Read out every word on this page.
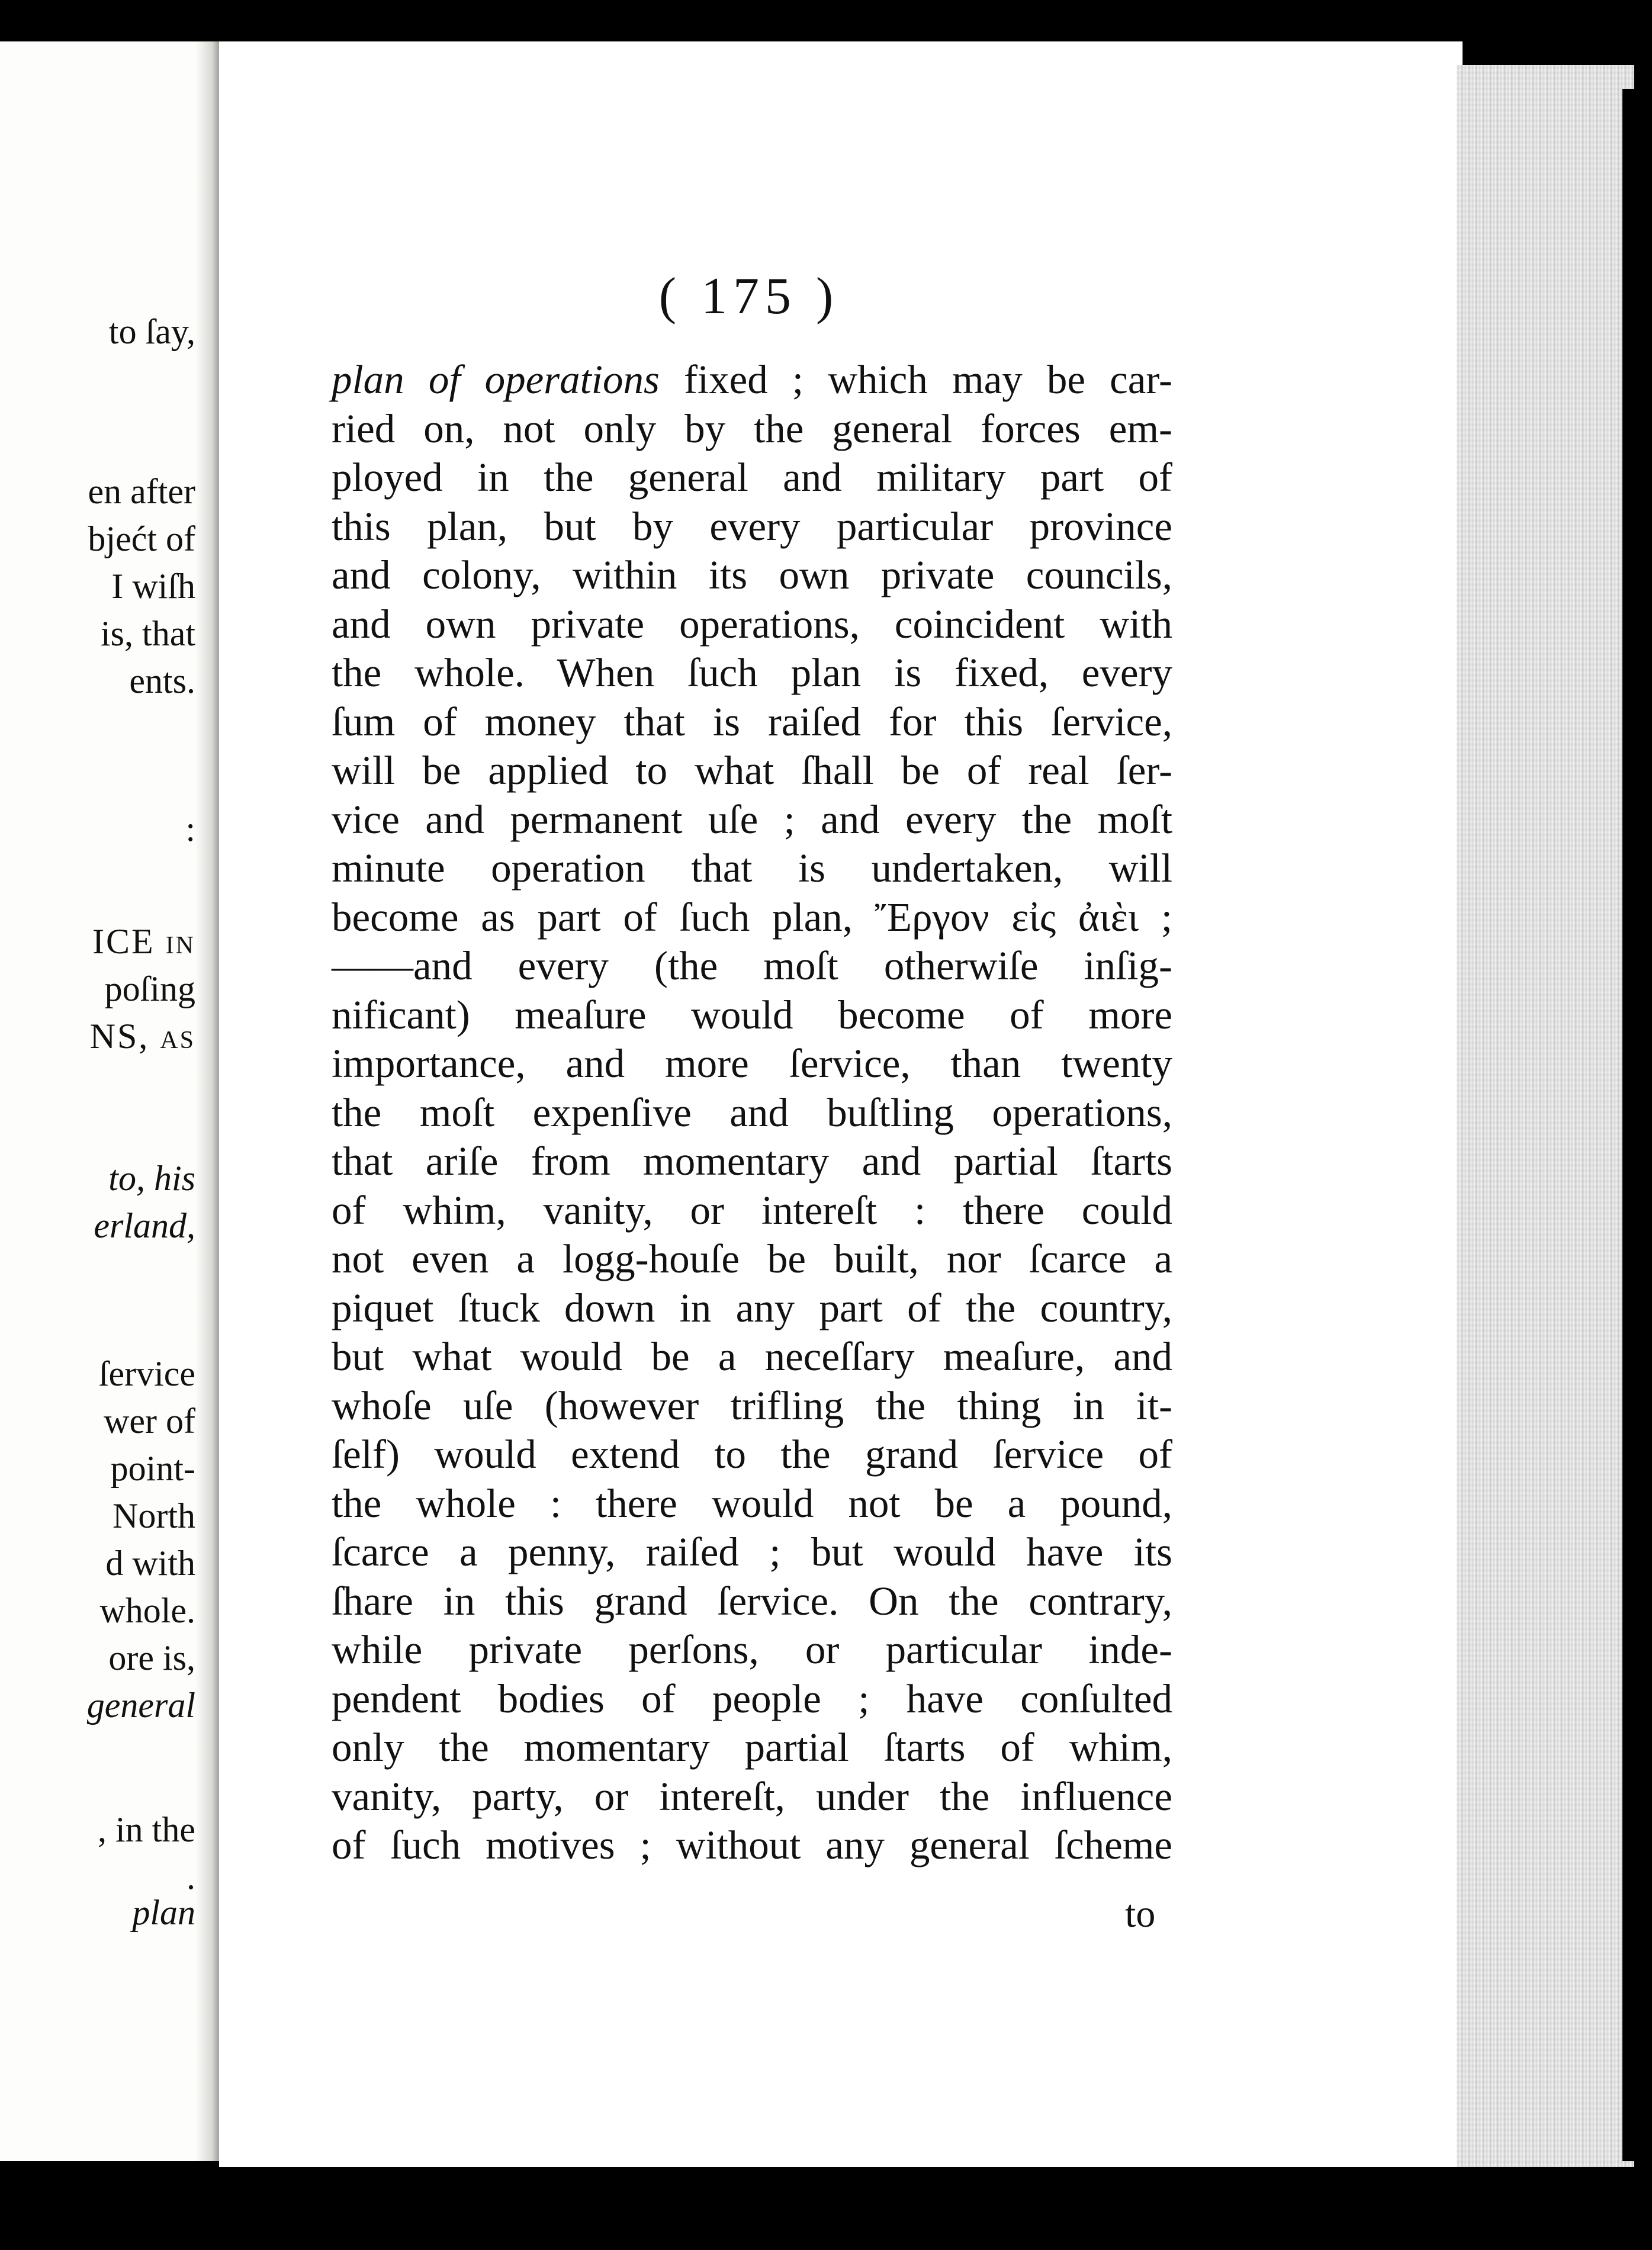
to ſay,
en after
bjećt of
I wiſh
is, that
ents.
:
ICE in
poſing
NS, as
to, his
erland,
ſervice
wer of
point-
North
d with
whole.
ore is,
general
, in the
.
plan
( 175 )
plan of operations fixed ; which may be car-
ried on, not only by the general forces em-
ployed in the general and military part of
this plan, but by every particular province
and colony, within its own private councils,
and own private operations, coincident with
the whole. When ſuch plan is fixed, every
ſum of money that is raiſed for this ſervice,
will be applied to what ſhall be of real ſer-
vice and permanent uſe ; and every the moſt
minute operation that is undertaken, will
become as part of ſuch plan, Ἔργον εἰς ἀιὲι ;
——and every (the moſt otherwiſe inſig-
nificant) meaſure would become of more
importance, and more ſervice, than twenty
the moſt expenſive and buſtling operations,
that ariſe from momentary and partial ſtarts
of whim, vanity, or intereſt : there could
not even a logg-houſe be built, nor ſcarce a
piquet ſtuck down in any part of the country,
but what would be a neceſſary meaſure, and
whoſe uſe (however trifling the thing in it-
ſelf) would extend to the grand ſervice of
the whole : there would not be a pound,
ſcarce a penny, raiſed ; but would have its
ſhare in this grand ſervice. On the contrary,
while private perſons, or particular inde-
pendent bodies of people ; have conſulted
only the momentary partial ſtarts of whim,
vanity, party, or intereſt, under the influence
of ſuch motives ; without any general ſcheme
to
